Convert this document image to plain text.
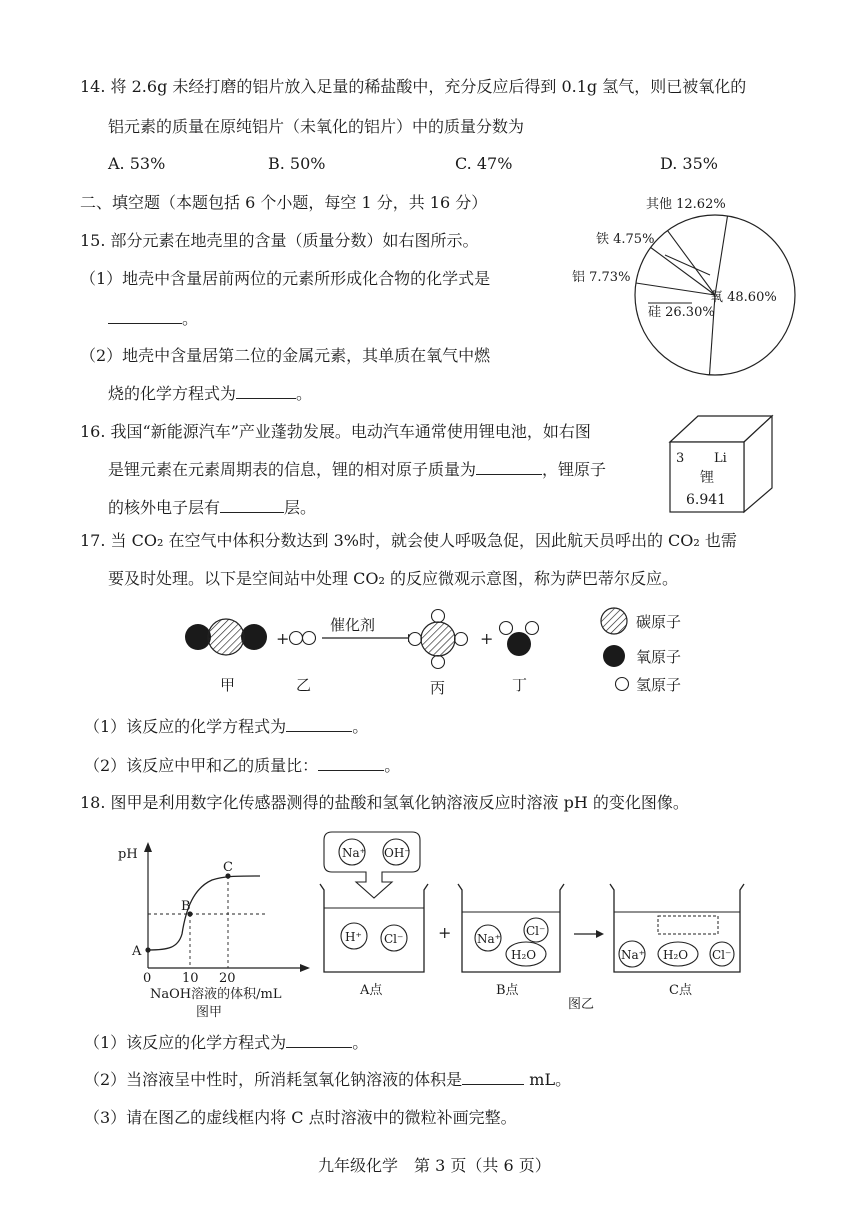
14. 将 2.6g 未经打磨的铝片放入足量的稀盐酸中，充分反应后得到 0.1g 氢气，则已被氧化的
铝元素的质量在原纯铝片（未氧化的铝片）中的质量分数为
A. 53%	B. 50%	C. 47%	D. 35%
二、填空题（本题包括 6 个小题，每空 1 分，共 16 分）
15. 部分元素在地壳里的含量（质量分数）如右图所示。
（1）地壳中含量居前两位的元素所形成化合物的化学式是
。
（2）地壳中含量居第二位的金属元素，其单质在氧气中燃
烧的化学方程式为	。
其他 12.62%
铁 4.75%
铝 7.73%
硅 26.30%
氧 48.60%
16. 我国“新能源汽车”产业蓬勃发展。电动汽车通常使用锂电池，如右图
是锂元素在元素周期表的信息，锂的相对原子质量为	，锂原子
的核外电子层有	层。
3 Li
锂
6.941
17. 当 CO₂ 在空气中体积分数达到 3%时，就会使人呼吸急促，因此航天员呼出的 CO₂ 也需
要及时处理。以下是空间站中处理 CO₂ 的反应微观示意图，称为萨巴蒂尔反应。
+
催化剂
+
甲	乙	丙	丁
碳原子
氧原子
氢原子
（1）该反应的化学方程式为	。
（2）该反应中甲和乙的质量比：	。
18. 图甲是利用数字化传感器测得的盐酸和氢氧化钠溶液反应时溶液 pH 的变化图像。
pH
A
B
C
0 10 20
NaOH溶液的体积/mL
图甲
Na⁺ OH⁻
H⁺ Cl⁻
A点
+ Na⁺
Cl⁻
H₂O
B点
Na⁺ H₂O Cl⁻
C点
图乙
（1）该反应的化学方程式为	。
（2）当溶液呈中性时，所消耗氢氧化钠溶液的体积是	mL。
（3）请在图乙的虚线框内将 C 点时溶液中的微粒补画完整。
九年级化学　第 3 页（共 6 页）
